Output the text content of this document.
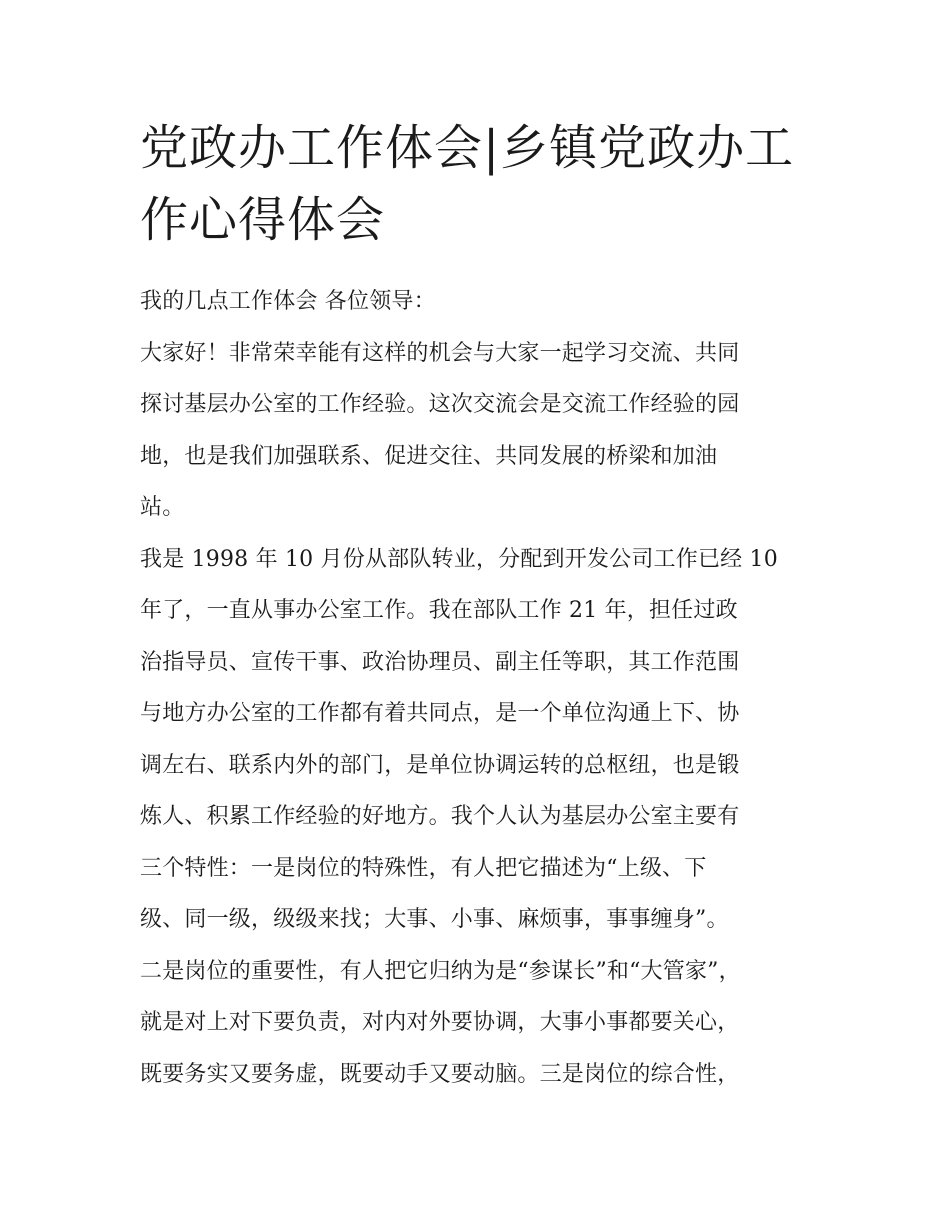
党政办工作体会|乡镇党政办工
作心得体会
我的几点工作体会 各位领导：
大家好！非常荣幸能有这样的机会与大家一起学习交流、共同
探讨基层办公室的工作经验。这次交流会是交流工作经验的园
地，也是我们加强联系、促进交往、共同发展的桥梁和加油
站。
我是 1998 年 10 月份从部队转业，分配到开发公司工作已经 10
年了，一直从事办公室工作。我在部队工作 21 年，担任过政
治指导员、宣传干事、政治协理员、副主任等职，其工作范围
与地方办公室的工作都有着共同点，是一个单位沟通上下、协
调左右、联系内外的部门，是单位协调运转的总枢纽，也是锻
炼人、积累工作经验的好地方。我个人认为基层办公室主要有
三个特性：一是岗位的特殊性，有人把它描述为“上级、下
级、同一级，级级来找；大事、小事、麻烦事，事事缠身”。
二是岗位的重要性，有人把它归纳为是“参谋长”和“大管家”，
就是对上对下要负责，对内对外要协调，大事小事都要关心，
既要务实又要务虚，既要动手又要动脑。三是岗位的综合性，
